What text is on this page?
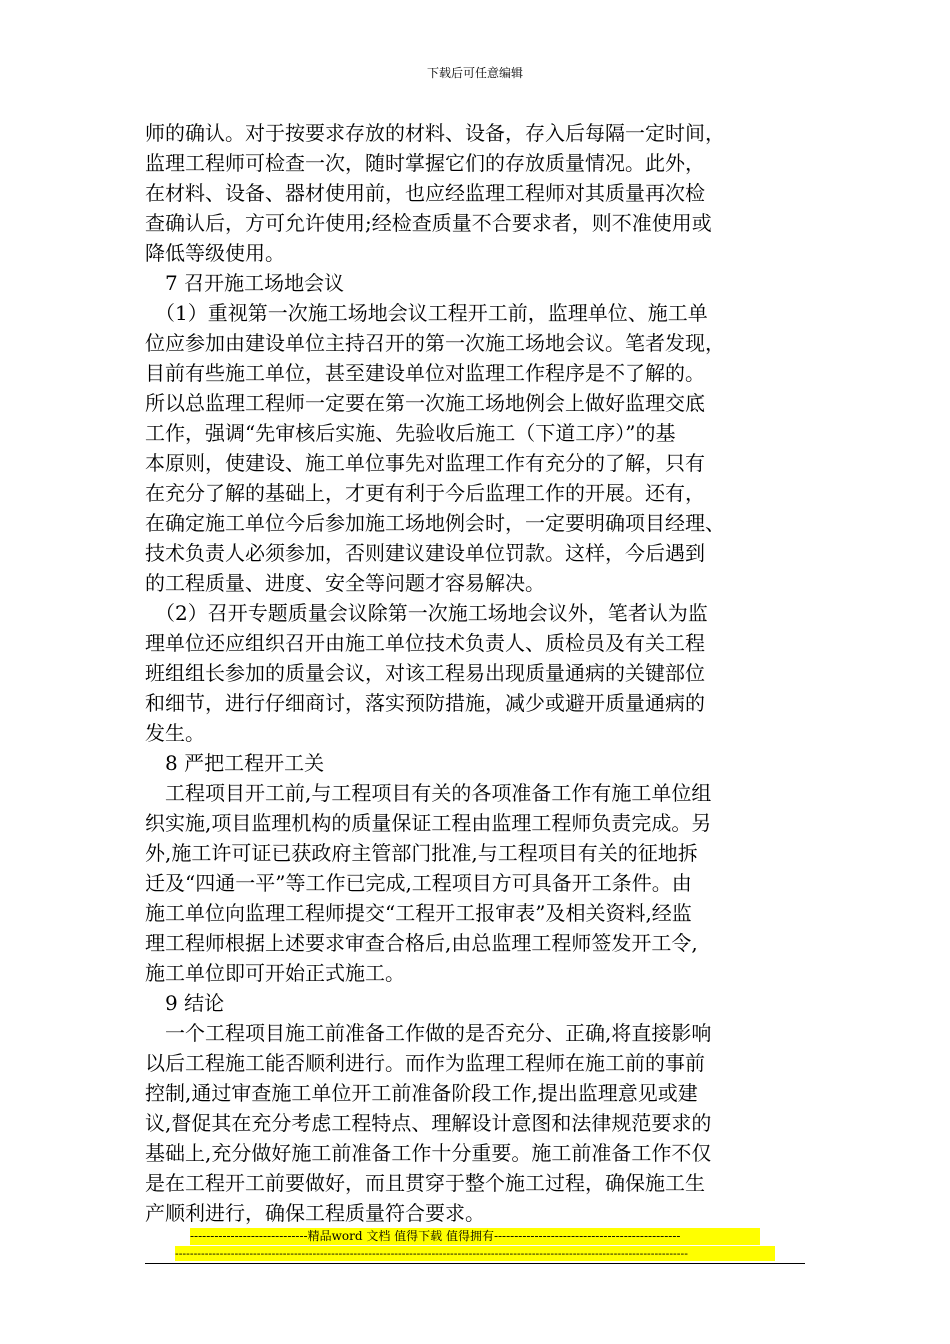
下载后可任意编辑
师的确认。对于按要求存放的材料、设备，存入后每隔一定时间，
监理工程师可检查一次，随时掌握它们的存放质量情况。此外，
在材料、设备、器材使用前，也应经监理工程师对其质量再次检
查确认后，方可允许使用;经检查质量不合要求者，则不准使用或
降低等级使用。
　7 召开施工场地会议
　（1）重视第一次施工场地会议工程开工前，监理单位、施工单
位应参加由建设单位主持召开的第一次施工场地会议。笔者发现，
目前有些施工单位，甚至建设单位对监理工作程序是不了解的。
所以总监理工程师一定要在第一次施工场地例会上做好监理交底
工作，强调“先审核后实施、先验收后施工（下道工序）”的基
本原则，使建设、施工单位事先对监理工作有充分的了解，只有
在充分了解的基础上，才更有利于今后监理工作的开展。还有，
在确定施工单位今后参加施工场地例会时，一定要明确项目经理、
技术负责人必须参加，否则建议建设单位罚款。这样，今后遇到
的工程质量、进度、安全等问题才容易解决。
　（2）召开专题质量会议除第一次施工场地会议外，笔者认为监
理单位还应组织召开由施工单位技术负责人、质检员及有关工程
班组组长参加的质量会议，对该工程易出现质量通病的关键部位
和细节，进行仔细商讨，落实预防措施，减少或避开质量通病的
发生。
　8 严把工程开工关
　工程项目开工前,与工程项目有关的各项准备工作有施工单位组
织实施,项目监理机构的质量保证工程由监理工程师负责完成。另
外,施工许可证已获政府主管部门批准,与工程项目有关的征地拆
迁及“四通一平”等工作已完成,工程项目方可具备开工条件。由
施工单位向监理工程师提交“工程开工报审表”及相关资料,经监
理工程师根据上述要求审查合格后,由总监理工程师签发开工令,
施工单位即可开始正式施工。
　9 结论
　一个工程项目施工前准备工作做的是否充分、正确,将直接影响
以后工程施工能否顺利进行。而作为监理工程师在施工前的事前
控制,通过审查施工单位开工前准备阶段工作,提出监理意见或建
议,督促其在充分考虑工程特点、理解设计意图和法律规范要求的
基础上,充分做好施工前准备工作十分重要。施工前准备工作不仅
是在工程开工前要做好，而且贯穿于整个施工过程，确保施工生
产顺利进行，确保工程质量符合要求。
-----------------------------精品word 文档 值得下载 值得拥有----------------------------------------------
------------------------------------------------------------------------------------------------------------------------------------------
